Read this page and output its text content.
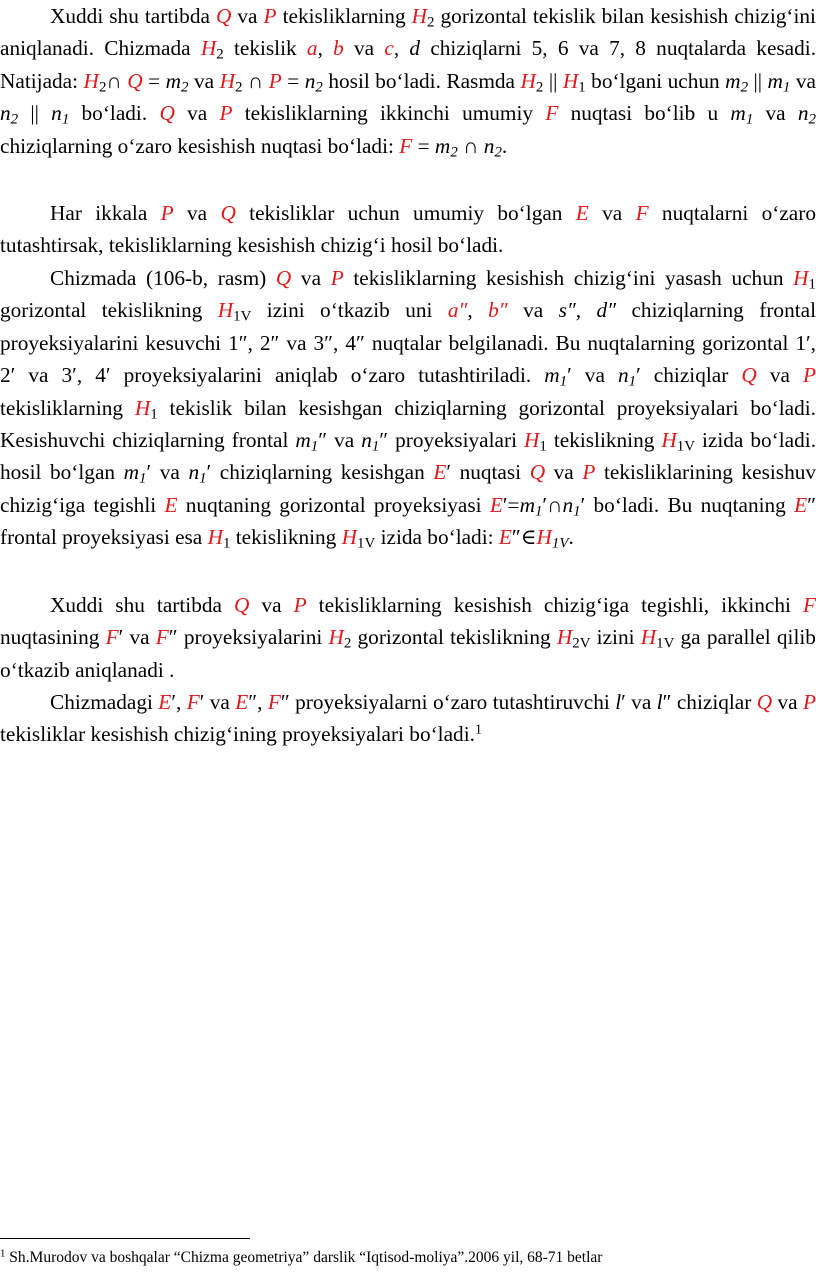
Xuddi shu tartibda Q va P tekisliklarning $H_2$ gorizontal tekislik bilan kesishish chizig‘ini aniqlanadi. Chizmada $H_2$ tekislik a, b va c, d chiziqlarni 5, 6 va 7, 8 nuqtalarda kesadi. Natijada: $H_2\cap$ $Q = m_2$ va $H_2$ ∩ $P = n_2$ hosil bo‘ladi. Rasmda $H_2$ || $H_1$ bo‘lgani uchun $m_2$ || $m_1$ va $n_2$ || $n_1$ bo‘ladi. Q va P tekisliklarning ikkinchi umumiy F nuqtasi bo‘lib u $m_1$ va $n_2$ chiziqlarning o‘zaro kesishish nuqtasi bo‘ladi: $F = m_2$ ∩ $n_2$.
Har ikkala P va Q tekisliklar uchun umumiy bo‘lgan E va F nuqtalarni o‘zaro tutashtirsak, tekisliklarning kesishish chizig‘i hosil bo‘ladi.
Chizmada (106-b, rasm) Q va P tekisliklarning kesishish chizig‘ini yasash uchun $H_1$ gorizontal tekislikning $H_{1V}$ izini o‘tkazib uni a″, b″ va s″, d″ chiziqlarning frontal proyeksiyalarini kesuvchi 1″, 2″ va 3″, 4″ nuqtalar belgilanadi. Bu nuqtalarning gorizontal 1′, 2′ va 3′, 4′ proyeksiyalarini aniqlab o‘zaro tutashtiriladi. $m_1'$ va $n_1'$ chiziqlar Q va P tekisliklarning $H_1$ tekislik bilan kesishgan chiziqlarning gorizontal proyeksiyalari bo‘ladi. Kesishuvchi chiziqlarning frontal $m_1''$ va $n_1''$ proyeksiyalari $H_1$ tekislikning $H_{1V}$ izida bo‘ladi. hosil bo‘lgan $m_1'$ va $n_1'$ chiziqlarning kesishgan E′ nuqtasi Q va P tekisliklarining kesishuv chizig‘iga tegishli E nuqtaning gorizontal proyeksiyasi $E'=m_1'\cap n_1'$ bo‘ladi. Bu nuqtaning E″ frontal proyeksiyasi esa $H_1$ tekislikning $H_{1V}$ izida bo‘ladi: $E''\in H_{1V}$.
Xuddi shu tartibda Q va P tekisliklarning kesishish chizig‘iga tegishli, ikkinchi F nuqtasining F′ va F″ proyeksiyalarini $H_2$ gorizontal tekislikning $H_{2V}$ izini $H_{1V}$ ga parallel qilib o‘tkazib aniqlanadi .
Chizmadagi E′, F′ va E″, F″ proyeksiyalarni o‘zaro tutashtiruvchi l′ va l″ chiziqlar Q va P tekisliklar kesishish chizig‘ining proyeksiyalari bo‘ladi.$^1$
$^1$ Sh.Murodov va boshqalar “Chizma geometriya” darslik “Iqtisod-moliya”.2006 yil, 68-71 betlar
